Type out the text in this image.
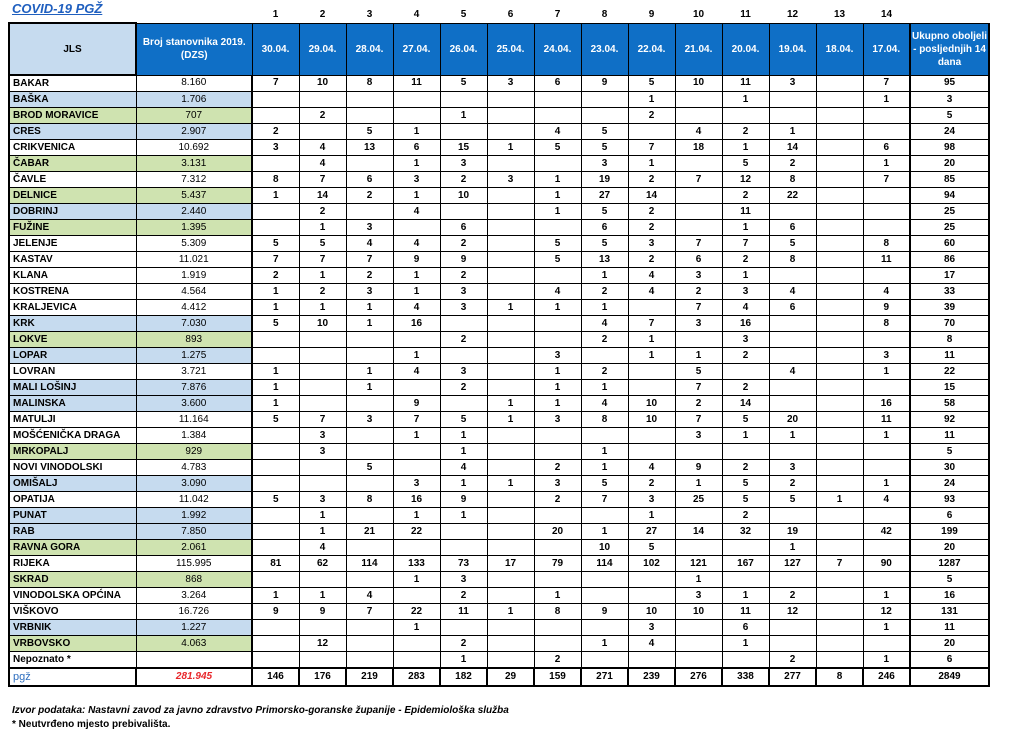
COVID-19 PGŽ
			1	2	3	4	5	6	7	8	9	10	11	12	13	14	
JLS	Broj stanovnika 2019. (DZS)	30.04.	29.04.	28.04.	27.04.	26.04.	25.04.	24.04.	23.04.	22.04.	21.04.	20.04.	19.04.	18.04.	17.04.	Ukupno oboljeli - posljednjih 14 dana
BAKAR	8.160	7	10	8	11	5	3	6	9	5	10	11	3		7	95
BAŠKA	1.706									1		1			1	3
BROD MORAVICE	707		2			1				2						5
CRES	2.907	2		5	1			4	5		4	2	1			24
CRIKVENICA	10.692	3	4	13	6	15	1	5	5	7	18	1	14		6	98
ČABAR	3.131		4		1	3			3	1		5	2		1	20
ČAVLE	7.312	8	7	6	3	2	3	1	19	2	7	12	8		7	85
DELNICE	5.437	1	14	2	1	10		1	27	14		2	22			94
DOBRINJ	2.440		2		4			1	5	2		11				25
FUŽINE	1.395		1	3		6			6	2		1	6			25
JELENJE	5.309	5	5	4	4	2		5	5	3	7	7	5		8	60
KASTAV	11.021	7	7	7	9	9		5	13	2	6	2	8		11	86
KLANA	1.919	2	1	2	1	2			1	4	3	1				17
KOSTRENA	4.564	1	2	3	1	3		4	2	4	2	3	4		4	33
KRALJEVICA	4.412	1	1	1	4	3	1	1	1		7	4	6		9	39
KRK	7.030	5	10	1	16				4	7	3	16			8	70
LOKVE	893					2			2	1		3				8
LOPAR	1.275				1			3		1	1	2			3	11
LOVRAN	3.721	1		1	4	3		1	2		5		4		1	22
MALI LOŠINJ	7.876	1		1		2		1	1		7	2				15
MALINSKA	3.600	1			9		1	1	4	10	2	14			16	58
MATULJI	11.164	5	7	3	7	5	1	3	8	10	7	5	20		11	92
MOŠĆENIČKA DRAGA	1.384		3		1	1					3	1	1		1	11
MRKOPALJ	929		3			1			1							5
NOVI VINODOLSKI	4.783			5		4		2	1	4	9	2	3			30
OMIŠALJ	3.090				3	1	1	3	5	2	1	5	2		1	24
OPATIJA	11.042	5	3	8	16	9		2	7	3	25	5	5	1	4	93
PUNAT	1.992		1		1	1				1		2				6
RAB	7.850		1	21	22			20	1	27	14	32	19		42	199
RAVNA GORA	2.061		4						10	5			1			20
RIJEKA	115.995	81	62	114	133	73	17	79	114	102	121	167	127	7	90	1287
SKRAD	868				1	3					1					5
VINODOLSKA OPĆINA	3.264	1	1	4		2		1			3	1	2		1	16
VIŠKOVO	16.726	9	9	7	22	11	1	8	9	10	10	11	12		12	131
VRBNIK	1.227				1					3		6			1	11
VRBOVSKO	4.063		12			2			1	4		1				20
Nepoznato *						1		2					2		1	6
pgž	281.945	146	176	219	283	182	29	159	271	239	276	338	277	8	246	2849
Izvor podataka: Nastavni zavod za javno zdravstvo Primorsko-goranske županije - Epidemiološka služba
* Neutvrđeno mjesto prebivališta.
